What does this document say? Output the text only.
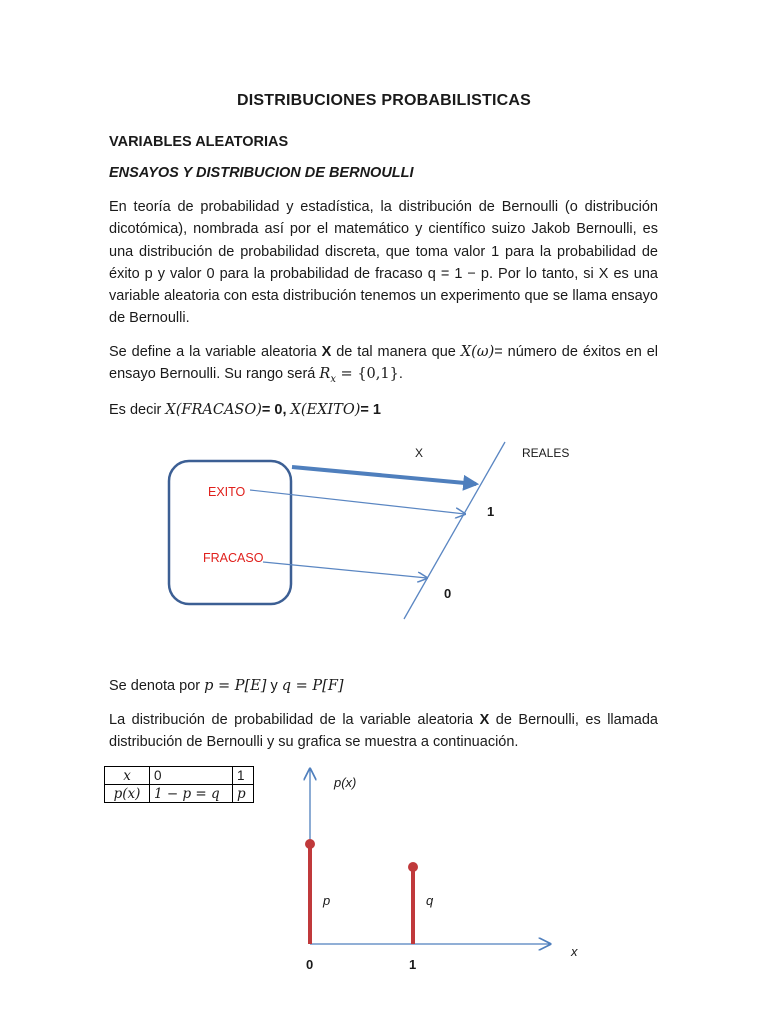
DISTRIBUCIONES PROBABILISTICAS
VARIABLES ALEATORIAS
ENSAYOS Y DISTRIBUCION DE BERNOULLI
En teoría de probabilidad y estadística, la distribución de Bernoulli (o distribución dicotómica), nombrada así por el matemático y científico suizo Jakob Bernoulli, es una distribución de probabilidad discreta, que toma valor 1 para la probabilidad de éxito p y valor 0 para la probabilidad de fracaso q = 1 − p. Por lo tanto, si X es una variable aleatoria con esta distribución tenemos un experimento que se llama ensayo de Bernoulli.
Se define a la variable aleatoria X de tal manera que X(ω)= número de éxitos en el ensayo Bernoulli. Su rango será $R_x = \{0,1\}$.
Es decir X(FRACASO)= 0, X(EXITO)= 1
X	REALES
EXITO
FRACASO
1
0
Se denota por p = P[E] y q = P[F]
La distribución de probabilidad de la variable aleatoria X de Bernoulli, es llamada distribución de Bernoulli y su grafica se muestra a continuación.
x	0	1
p(x)	1 − p = q	p
p
0
q
1
p(x)
x
